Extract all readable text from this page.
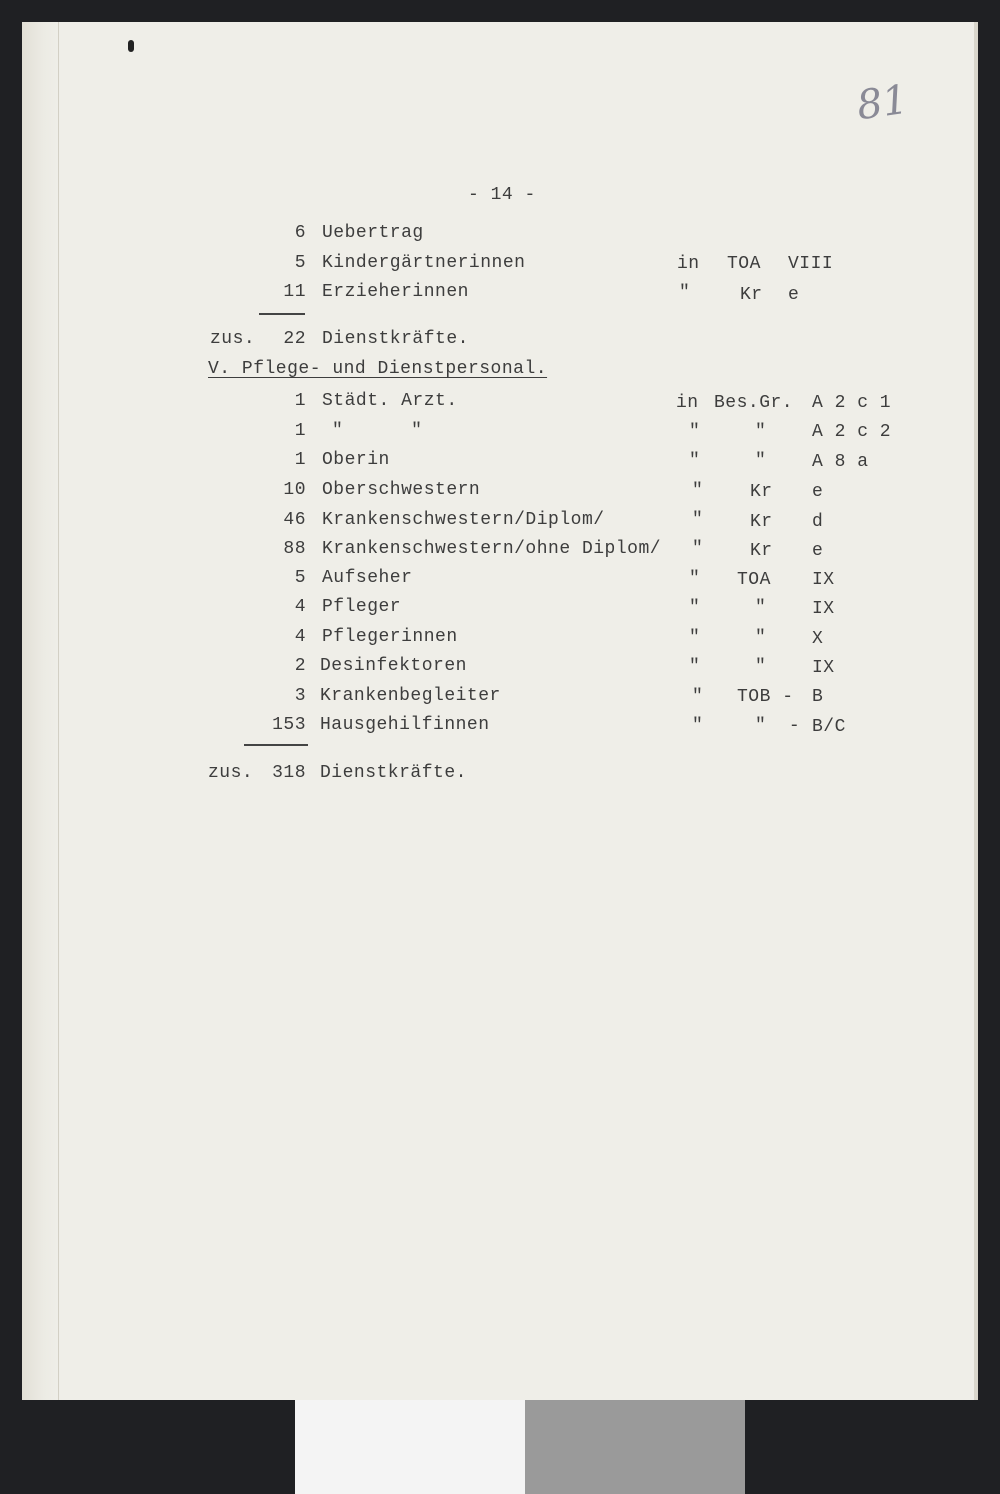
81
- 14 -
6 Uebertrag
5 Kindergärtnerinnen	in TOA VIII
11 Erzieherinnen	"	Kr e
zus. 22 Dienstkräfte.
V. Pflege- und Dienstpersonal.
1 Städt. Arzt.	in Bes.Gr. A 2 c 1
1 "      "	"	"	A 2 c 2
1 Oberin	"	"	A 8 a
10 Oberschwestern	"	Kr e
46 Krankenschwestern/Diplom/	"	Kr d
88 Krankenschwestern/ohne Diplom/ "	Kr e
5 Aufseher	" TOA IX
4 Pfleger	"	"	IX
4 Pflegerinnen	"	"	X
2 Desinfektoren	"	"	IX
3 Krankenbegleiter	" TOB - B
153 Hausgehilfinnen	"	"  - B/C
zus. 318 Dienstkräfte.
